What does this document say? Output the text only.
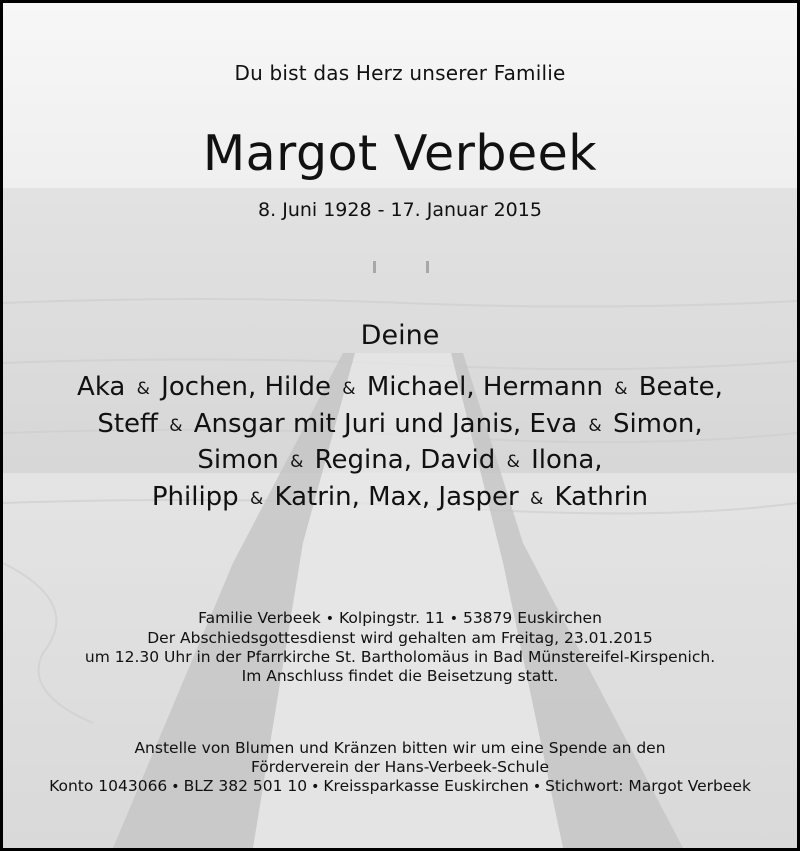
Du bist das Herz unserer Familie
Margot Verbeek
8. Juni 1928 - 17. Januar 2015
Deine
Aka & Jochen, Hilde & Michael, Hermann & Beate,
Steff & Ansgar mit Juri und Janis, Eva & Simon,
Simon & Regina, David & Ilona,
Philipp & Katrin, Max, Jasper & Kathrin
Familie Verbeek • Kolpingstr. 11 • 53879 Euskirchen
Der Abschiedsgottesdienst wird gehalten am Freitag, 23.01.2015
um 12.30 Uhr in der Pfarrkirche St. Bartholomäus in Bad Münstereifel-Kirspenich.
Im Anschluss findet die Beisetzung statt.
Anstelle von Blumen und Kränzen bitten wir um eine Spende an den
Förderverein der Hans-Verbeek-Schule
Konto 1043066 • BLZ 382 501 10 • Kreissparkasse Euskirchen • Stichwort: Margot Verbeek
